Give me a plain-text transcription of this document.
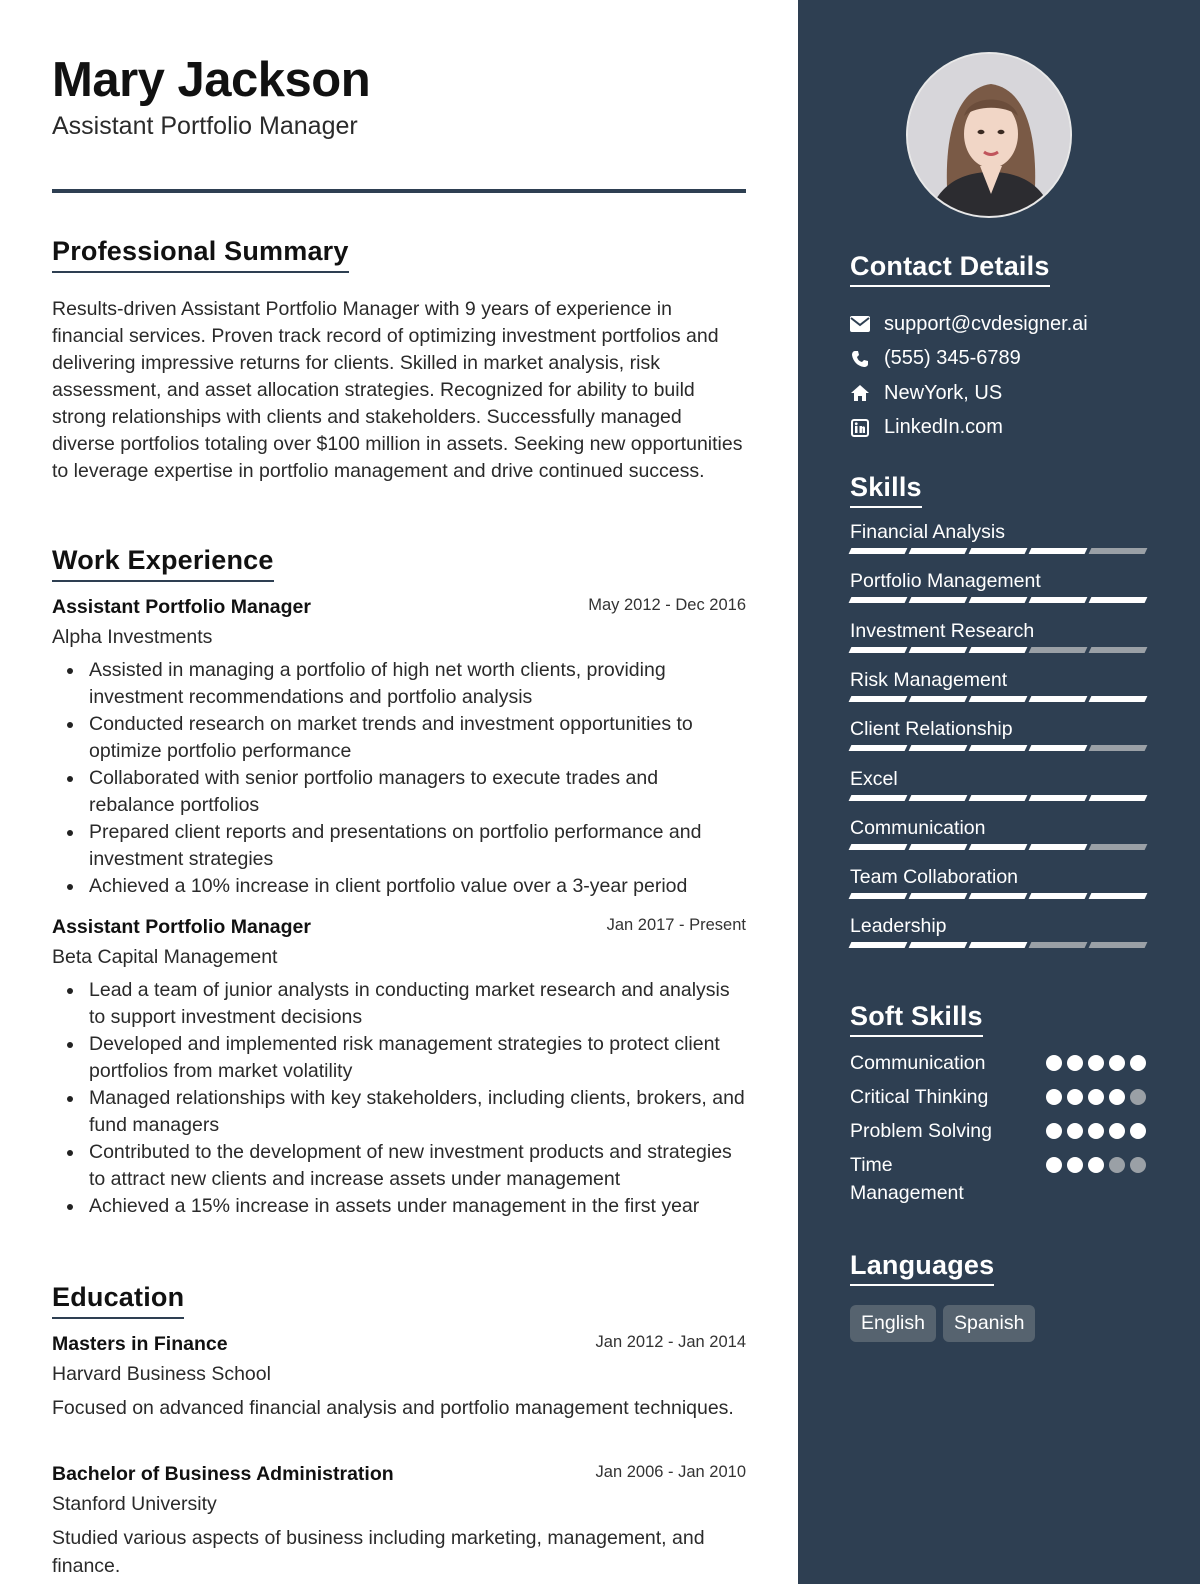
Mary Jackson
Assistant Portfolio Manager
Professional Summary
Results-driven Assistant Portfolio Manager with 9 years of experience in financial services. Proven track record of optimizing investment portfolios and delivering impressive returns for clients. Skilled in market analysis, risk assessment, and asset allocation strategies. Recognized for ability to build strong relationships with clients and stakeholders. Successfully managed diverse portfolios totaling over $100 million in assets. Seeking new opportunities to leverage expertise in portfolio management and drive continued success.
Work Experience
Assistant Portfolio Manager	May 2012 - Dec 2016
Alpha Investments
Assisted in managing a portfolio of high net worth clients, providing investment recommendations and portfolio analysis
Conducted research on market trends and investment opportunities to optimize portfolio performance
Collaborated with senior portfolio managers to execute trades and rebalance portfolios
Prepared client reports and presentations on portfolio performance and investment strategies
Achieved a 10% increase in client portfolio value over a 3-year period
Assistant Portfolio Manager	Jan 2017 - Present
Beta Capital Management
Lead a team of junior analysts in conducting market research and analysis to support investment decisions
Developed and implemented risk management strategies to protect client portfolios from market volatility
Managed relationships with key stakeholders, including clients, brokers, and fund managers
Contributed to the development of new investment products and strategies to attract new clients and increase assets under management
Achieved a 15% increase in assets under management in the first year
Education
Masters in Finance	Jan 2012 - Jan 2014
Harvard Business School
Focused on advanced financial analysis and portfolio management techniques.
Bachelor of Business Administration	Jan 2006 - Jan 2010
Stanford University
Studied various aspects of business including marketing, management, and finance.
Contact Details
support@cvdesigner.ai
(555) 345-6789
NewYork, US
LinkedIn.com
Skills
Financial Analysis
Portfolio Management
Investment Research
Risk Management
Client Relationship
Excel
Communication
Team Collaboration
Leadership
Soft Skills
Communication
Critical Thinking
Problem Solving
Time Management
Languages
English	Spanish
